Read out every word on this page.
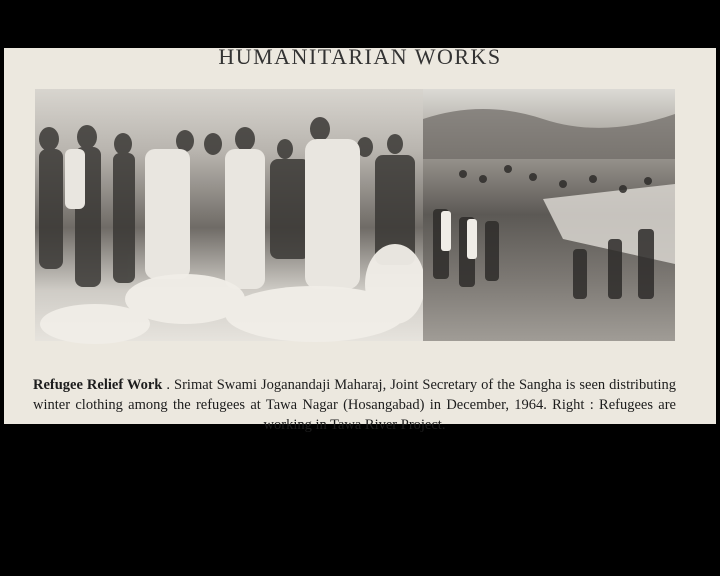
HUMANITARIAN WORKS

Refugee Relief Work . Srimat Swami Joganandaji Maharaj, Joint Secretary of the Sangha is seen distributing winter clothing among the refugees at Tawa Nagar (Hosangabad) in December, 1964. Right : Refugees are working in Tawa River Project.
